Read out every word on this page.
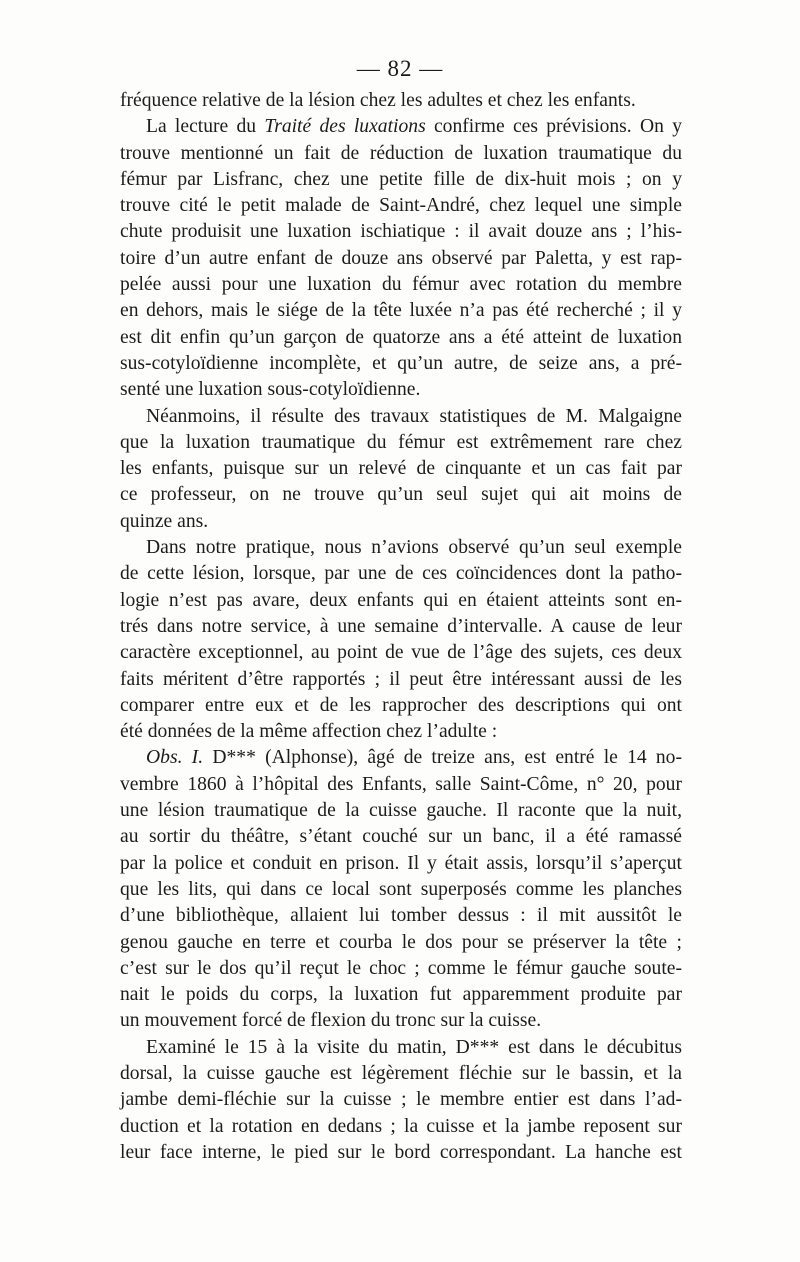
— 82 —
fréquence relative de la lésion chez les adultes et chez les enfants.
La lecture du Traité des luxations confirme ces prévisions. On y
trouve mentionné un fait de réduction de luxation traumatique du
fémur par Lisfranc, chez une petite fille de dix-huit mois ; on y
trouve cité le petit malade de Saint-André, chez lequel une simple
chute produisit une luxation ischiatique : il avait douze ans ; l’his-
toire d’un autre enfant de douze ans observé par Paletta, y est rap-
pelée aussi pour une luxation du fémur avec rotation du membre
en dehors, mais le siége de la tête luxée n’a pas été recherché ; il y
est dit enfin qu’un garçon de quatorze ans a été atteint de luxation
sus-cotyloïdienne incomplète, et qu’un autre, de seize ans, a pré-
senté une luxation sous-cotyloïdienne.
Néanmoins, il résulte des travaux statistiques de M. Malgaigne
que la luxation traumatique du fémur est extrêmement rare chez
les enfants, puisque sur un relevé de cinquante et un cas fait par
ce professeur, on ne trouve qu’un seul sujet qui ait moins de
quinze ans.
Dans notre pratique, nous n’avions observé qu’un seul exemple
de cette lésion, lorsque, par une de ces coïncidences dont la patho-
logie n’est pas avare, deux enfants qui en étaient atteints sont en-
trés dans notre service, à une semaine d’intervalle. A cause de leur
caractère exceptionnel, au point de vue de l’âge des sujets, ces deux
faits méritent d’être rapportés ; il peut être intéressant aussi de les
comparer entre eux et de les rapprocher des descriptions qui ont
été données de la même affection chez l’adulte :
Obs. I. D*** (Alphonse), âgé de treize ans, est entré le 14 no-
vembre 1860 à l’hôpital des Enfants, salle Saint-Côme, n° 20, pour
une lésion traumatique de la cuisse gauche. Il raconte que la nuit,
au sortir du théâtre, s’étant couché sur un banc, il a été ramassé
par la police et conduit en prison. Il y était assis, lorsqu’il s’aperçut
que les lits, qui dans ce local sont superposés comme les planches
d’une bibliothèque, allaient lui tomber dessus : il mit aussitôt le
genou gauche en terre et courba le dos pour se préserver la tête ;
c’est sur le dos qu’il reçut le choc ; comme le fémur gauche soute-
nait le poids du corps, la luxation fut apparemment produite par
un mouvement forcé de flexion du tronc sur la cuisse.
Examiné le 15 à la visite du matin, D*** est dans le décubitus
dorsal, la cuisse gauche est légèrement fléchie sur le bassin, et la
jambe demi-fléchie sur la cuisse ; le membre entier est dans l’ad-
duction et la rotation en dedans ; la cuisse et la jambe reposent sur
leur face interne, le pied sur le bord correspondant. La hanche est
